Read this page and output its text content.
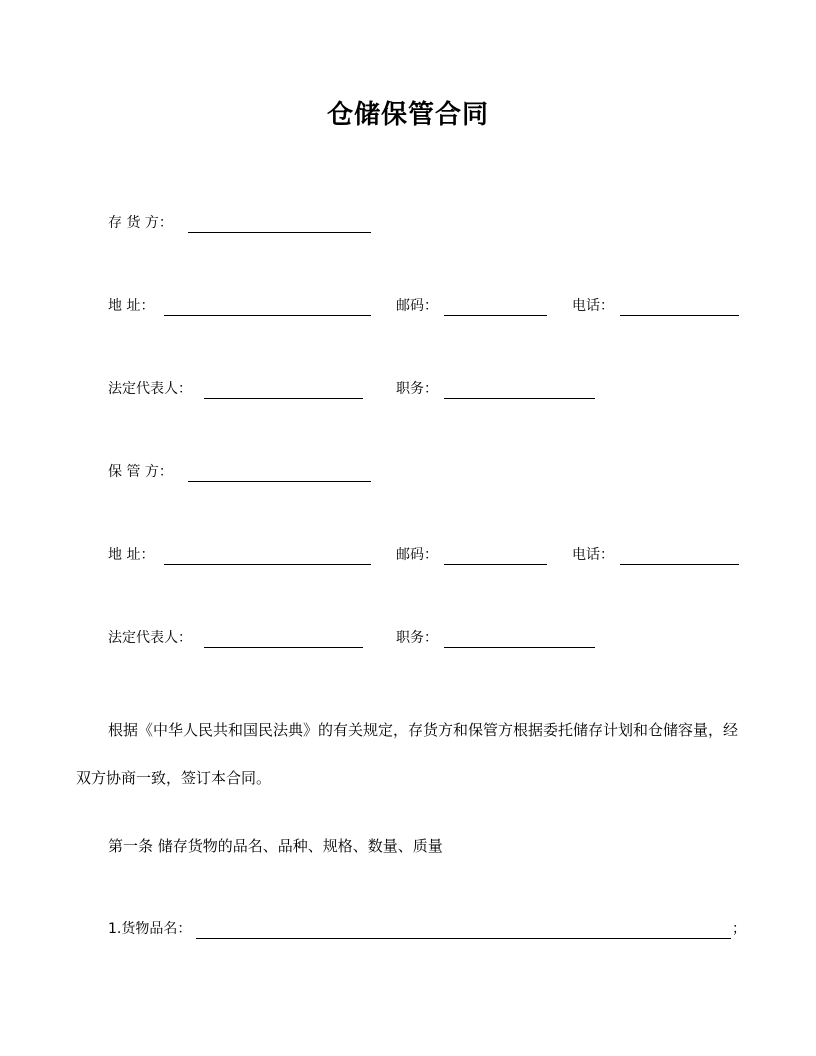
仓储保管合同
存 货 方：
地 址：	邮码：	电话：
法定代表人：	职务：
保 管 方：
地 址：	邮码：	电话：
法定代表人：	职务：
根据《中华人民共和国民法典》的有关规定，存货方和保管方根据委托储存计划和仓储容量，经双方协商一致，签订本合同。
第一条 储存货物的品名、品种、规格、数量、质量
1.货物品名：	；
